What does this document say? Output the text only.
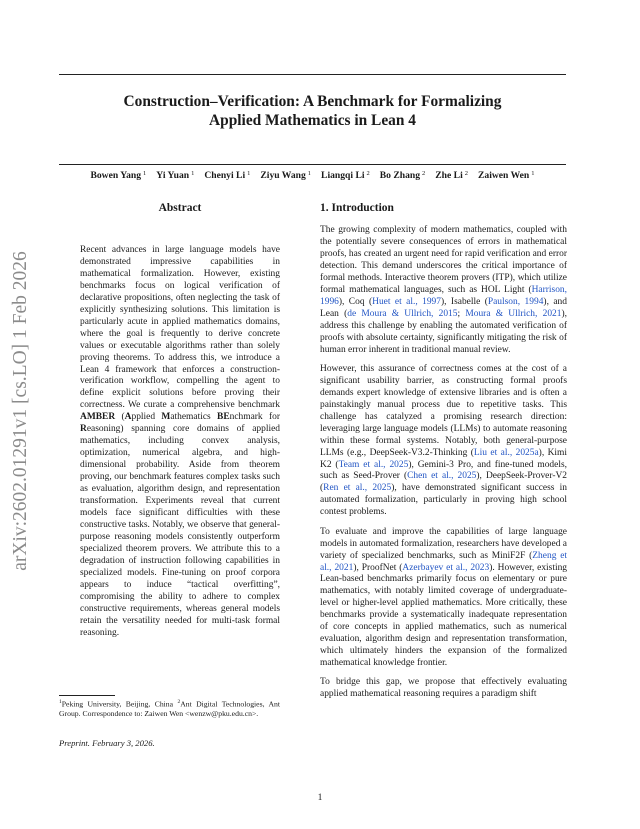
arXiv:2602.01291v1 [cs.LO] 1 Feb 2026
Construction–Verification: A Benchmark for Formalizing
Applied Mathematics in Lean 4
Bowen Yang $^1$ Yi Yuan $^1$ Chenyi Li $^1$ Ziyu Wang $^1$ Liangqi Li $^2$ Bo Zhang $^2$ Zhe Li $^2$ Zaiwen Wen $^1$
Abstract
Recent advances in large language models have demonstrated impressive capabilities in mathematical formalization. However, existing benchmarks focus on logical verification of declarative propositions, often neglecting the task of explicitly synthesizing solutions. This limitation is particularly acute in applied mathematics domains, where the goal is frequently to derive concrete values or executable algorithms rather than solely proving theorems. To address this, we introduce a Lean 4 framework that enforces a construction-verification workflow, compelling the agent to define explicit solutions before proving their correctness. We curate a comprehensive benchmark AMBER (Applied Mathematics BEnchmark for Reasoning) spanning core domains of applied mathematics, including convex analysis, optimization, numerical algebra, and high-dimensional probability. Aside from theorem proving, our benchmark features complex tasks such as evaluation, algorithm design, and representation transformation. Experiments reveal that current models face significant difficulties with these constructive tasks. Notably, we observe that general-purpose reasoning models consistently outperform specialized theorem provers. We attribute this to a degradation of instruction following capabilities in specialized models. Fine-tuning on proof corpora appears to induce “tactical overfitting”, compromising the ability to adhere to complex constructive requirements, whereas general models retain the versatility needed for multi-task formal reasoning.
1. Introduction

The growing complexity of modern mathematics, coupled with the potentially severe consequences of errors in mathematical proofs, has created an urgent need for rapid verification and error detection. This demand underscores the critical importance of formal methods. Interactive theorem provers (ITP), which utilize formal mathematical languages, such as HOL Light (Harrison, 1996), Coq (Huet et al., 1997), Isabelle (Paulson, 1994), and Lean (de Moura & Ullrich, 2015; Moura & Ullrich, 2021), address this challenge by enabling the automated verification of proofs with absolute certainty, significantly mitigating the risk of human error inherent in traditional manual review.

However, this assurance of correctness comes at the cost of a significant usability barrier, as constructing formal proofs demands expert knowledge of extensive libraries and is often a painstakingly manual process due to repetitive tasks. This challenge has catalyzed a promising research direction: leveraging large language models (LLMs) to automate reasoning within these formal systems. Notably, both general-purpose LLMs (e.g., DeepSeek-V3.2-Thinking (Liu et al., 2025a), Kimi K2 (Team et al., 2025), Gemini-3 Pro, and fine-tuned models, such as Seed-Prover (Chen et al., 2025), DeepSeek-Prover-V2 (Ren et al., 2025), have demonstrated significant success in automated formalization, particularly in proving high school contest problems.

To evaluate and improve the capabilities of large language models in automated formalization, researchers have developed a variety of specialized benchmarks, such as MiniF2F (Zheng et al., 2021), ProofNet (Azerbayev et al., 2023). However, existing Lean-based benchmarks primarily focus on elementary or pure mathematics, with notably limited coverage of undergraduate-level or higher-level applied mathematics. More critically, these benchmarks provide a systematically inadequate representation of core concepts in applied mathematics, such as numerical evaluation, algorithm design and representation transformation, which ultimately hinders the expansion of the formalized mathematical knowledge frontier.

To bridge this gap, we propose that effectively evaluating applied mathematical reasoning requires a paradigm shift

$^1$Peking University, Beijing, China $^2$Ant Digital Technologies, Ant Group. Correspondence to: Zaiwen Wen <wenzw@pku.edu.cn>.
Preprint. February 3, 2026.
1
